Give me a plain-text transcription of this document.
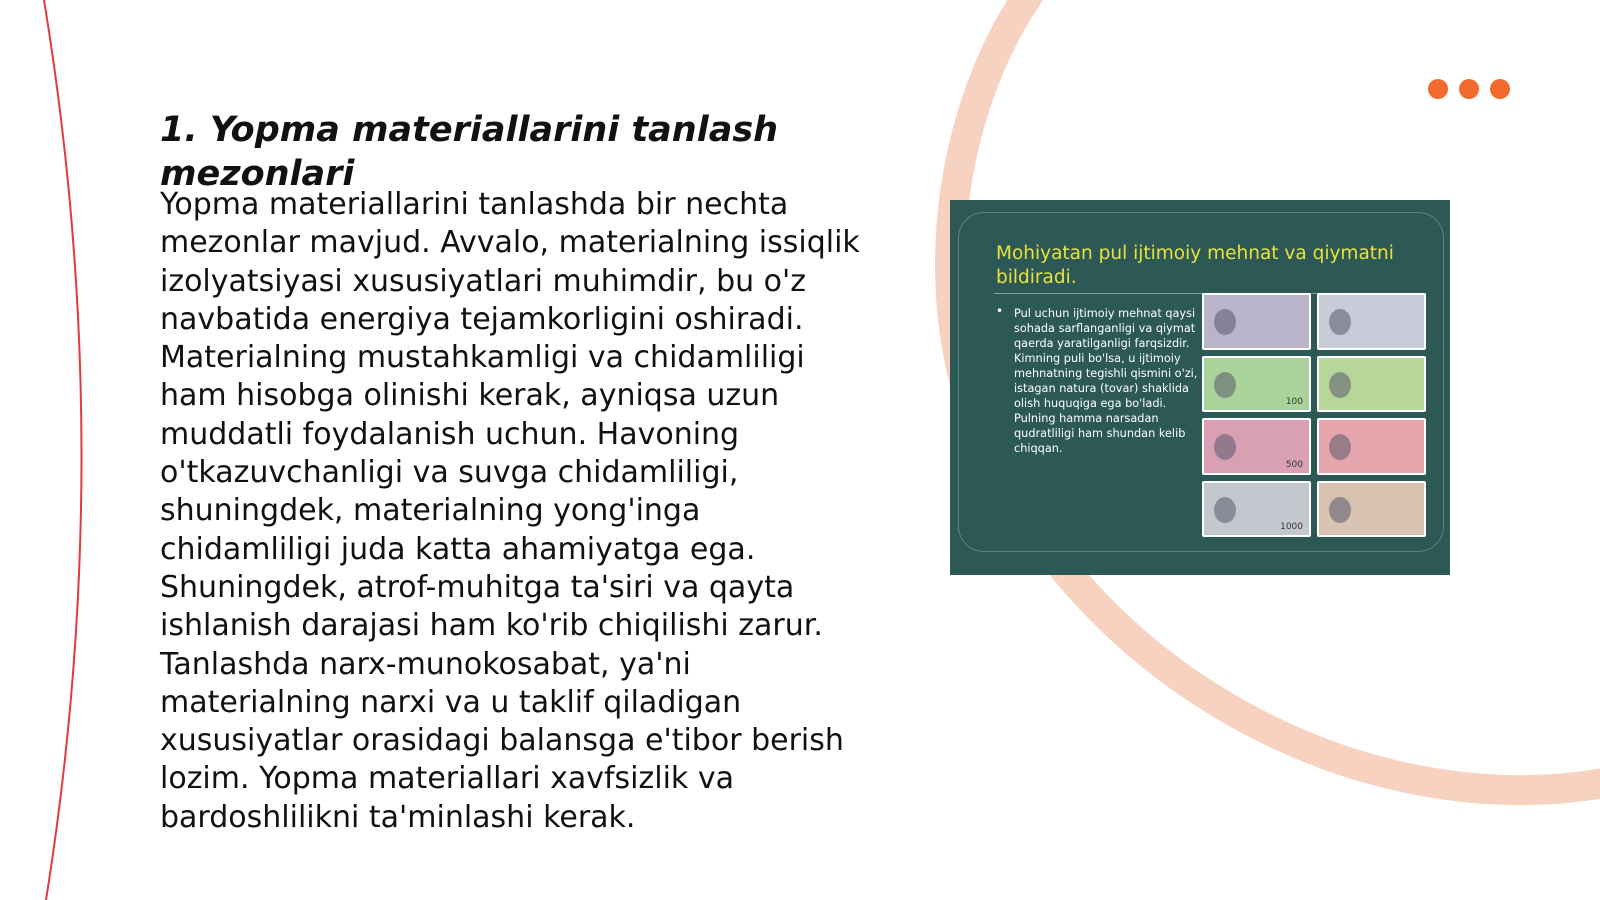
1. Yopma materiallarini tanlash mezonlari

Yopma materiallarini tanlashda bir nechta mezonlar mavjud. Avvalo, materialning issiqlik izolyatsiyasi xususiyatlari muhimdir, bu o'z navbatida energiya tejamkorligini oshiradi. Materialning mustahkamligi va chidamliligi ham hisobga olinishi kerak, ayniqsa uzun muddatli foydalanish uchun. Havoning o'tkazuvchanligi va suvga chidamliligi, shuningdek, materialning yong'inga chidamliligi juda katta ahamiyatga ega. Shuningdek, atrof-muhitga ta'siri va qayta ishlanish darajasi ham ko'rib chiqilishi zarur. Tanlashda narx-munokosabat, ya'ni materialning narxi va u taklif qiladigan xususiyatlar orasidagi balansga e'tibor berish lozim. Yopma materiallari xavfsizlik va bardoshlilikni ta'minlashi kerak.

Mohiyatan pul ijtimoiy mehnat va qiymatni bildiradi.

• Pul uchun ijtimoiy mehnat qaysi sohada sarflanganligi va qiymat qaerda yaratilganligi farqsizdir. Kimning puli bo'lsa, u ijtimoiy mehnatning tegishli qismini o'zi, istagan natura (tovar) shaklida olish huquqiga ega bo'ladi. Pulning hamma narsadan qudratliligi ham shundan kelib chiqqan.

100
500
1000
